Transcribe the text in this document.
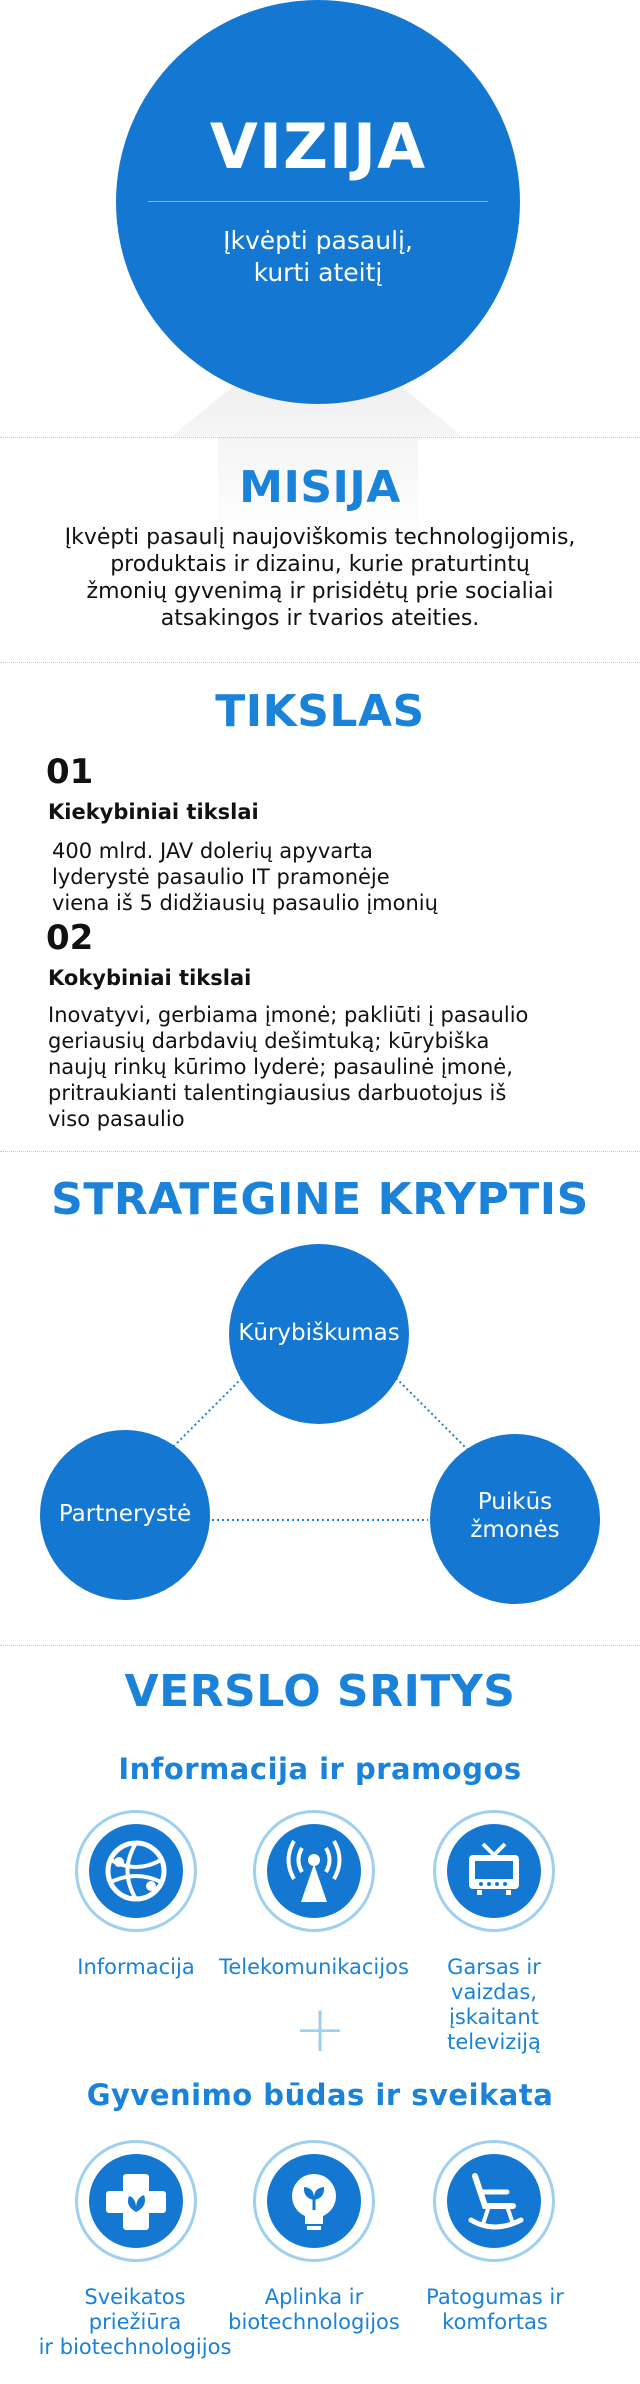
VIZIJA
Įkvėpti pasaulį,
kurti ateitį
MISIJA
Įkvėpti pasaulį naujoviškomis technologijomis,
produktais ir dizainu, kurie praturtintų
žmonių gyvenimą ir prisidėtų prie socialiai
atsakingos ir tvarios ateities.
TIKSLAS
01
Kiekybiniai tikslai
400 mlrd. JAV dolerių apyvarta
lyderystė pasaulio IT pramonėje
viena iš 5 didžiausių pasaulio įmonių
02
Kokybiniai tikslai
Inovatyvi, gerbiama įmonė; pakliūti į pasaulio
geriausių darbdavių dešimtuką; kūrybiška
naujų rinkų kūrimo lyderė; pasaulinė įmonė,
pritraukianti talentingiausius darbuotojus iš
viso pasaulio
STRATEGINE KRYPTIS
Kūrybiškumas
Partnerystė	Puikūs
žmonės
VERSLO SRITYS
Informacija ir pramogos
Informacija	Telekomunikacijos	Garsas ir
vaizdas,
įskaitant
televiziją
+
Gyvenimo būdas ir sveikata
Sveikatos
priežiūra
ir biotechnologijos
Aplinka ir
biotechnologijos
Patogumas ir
komfortas
